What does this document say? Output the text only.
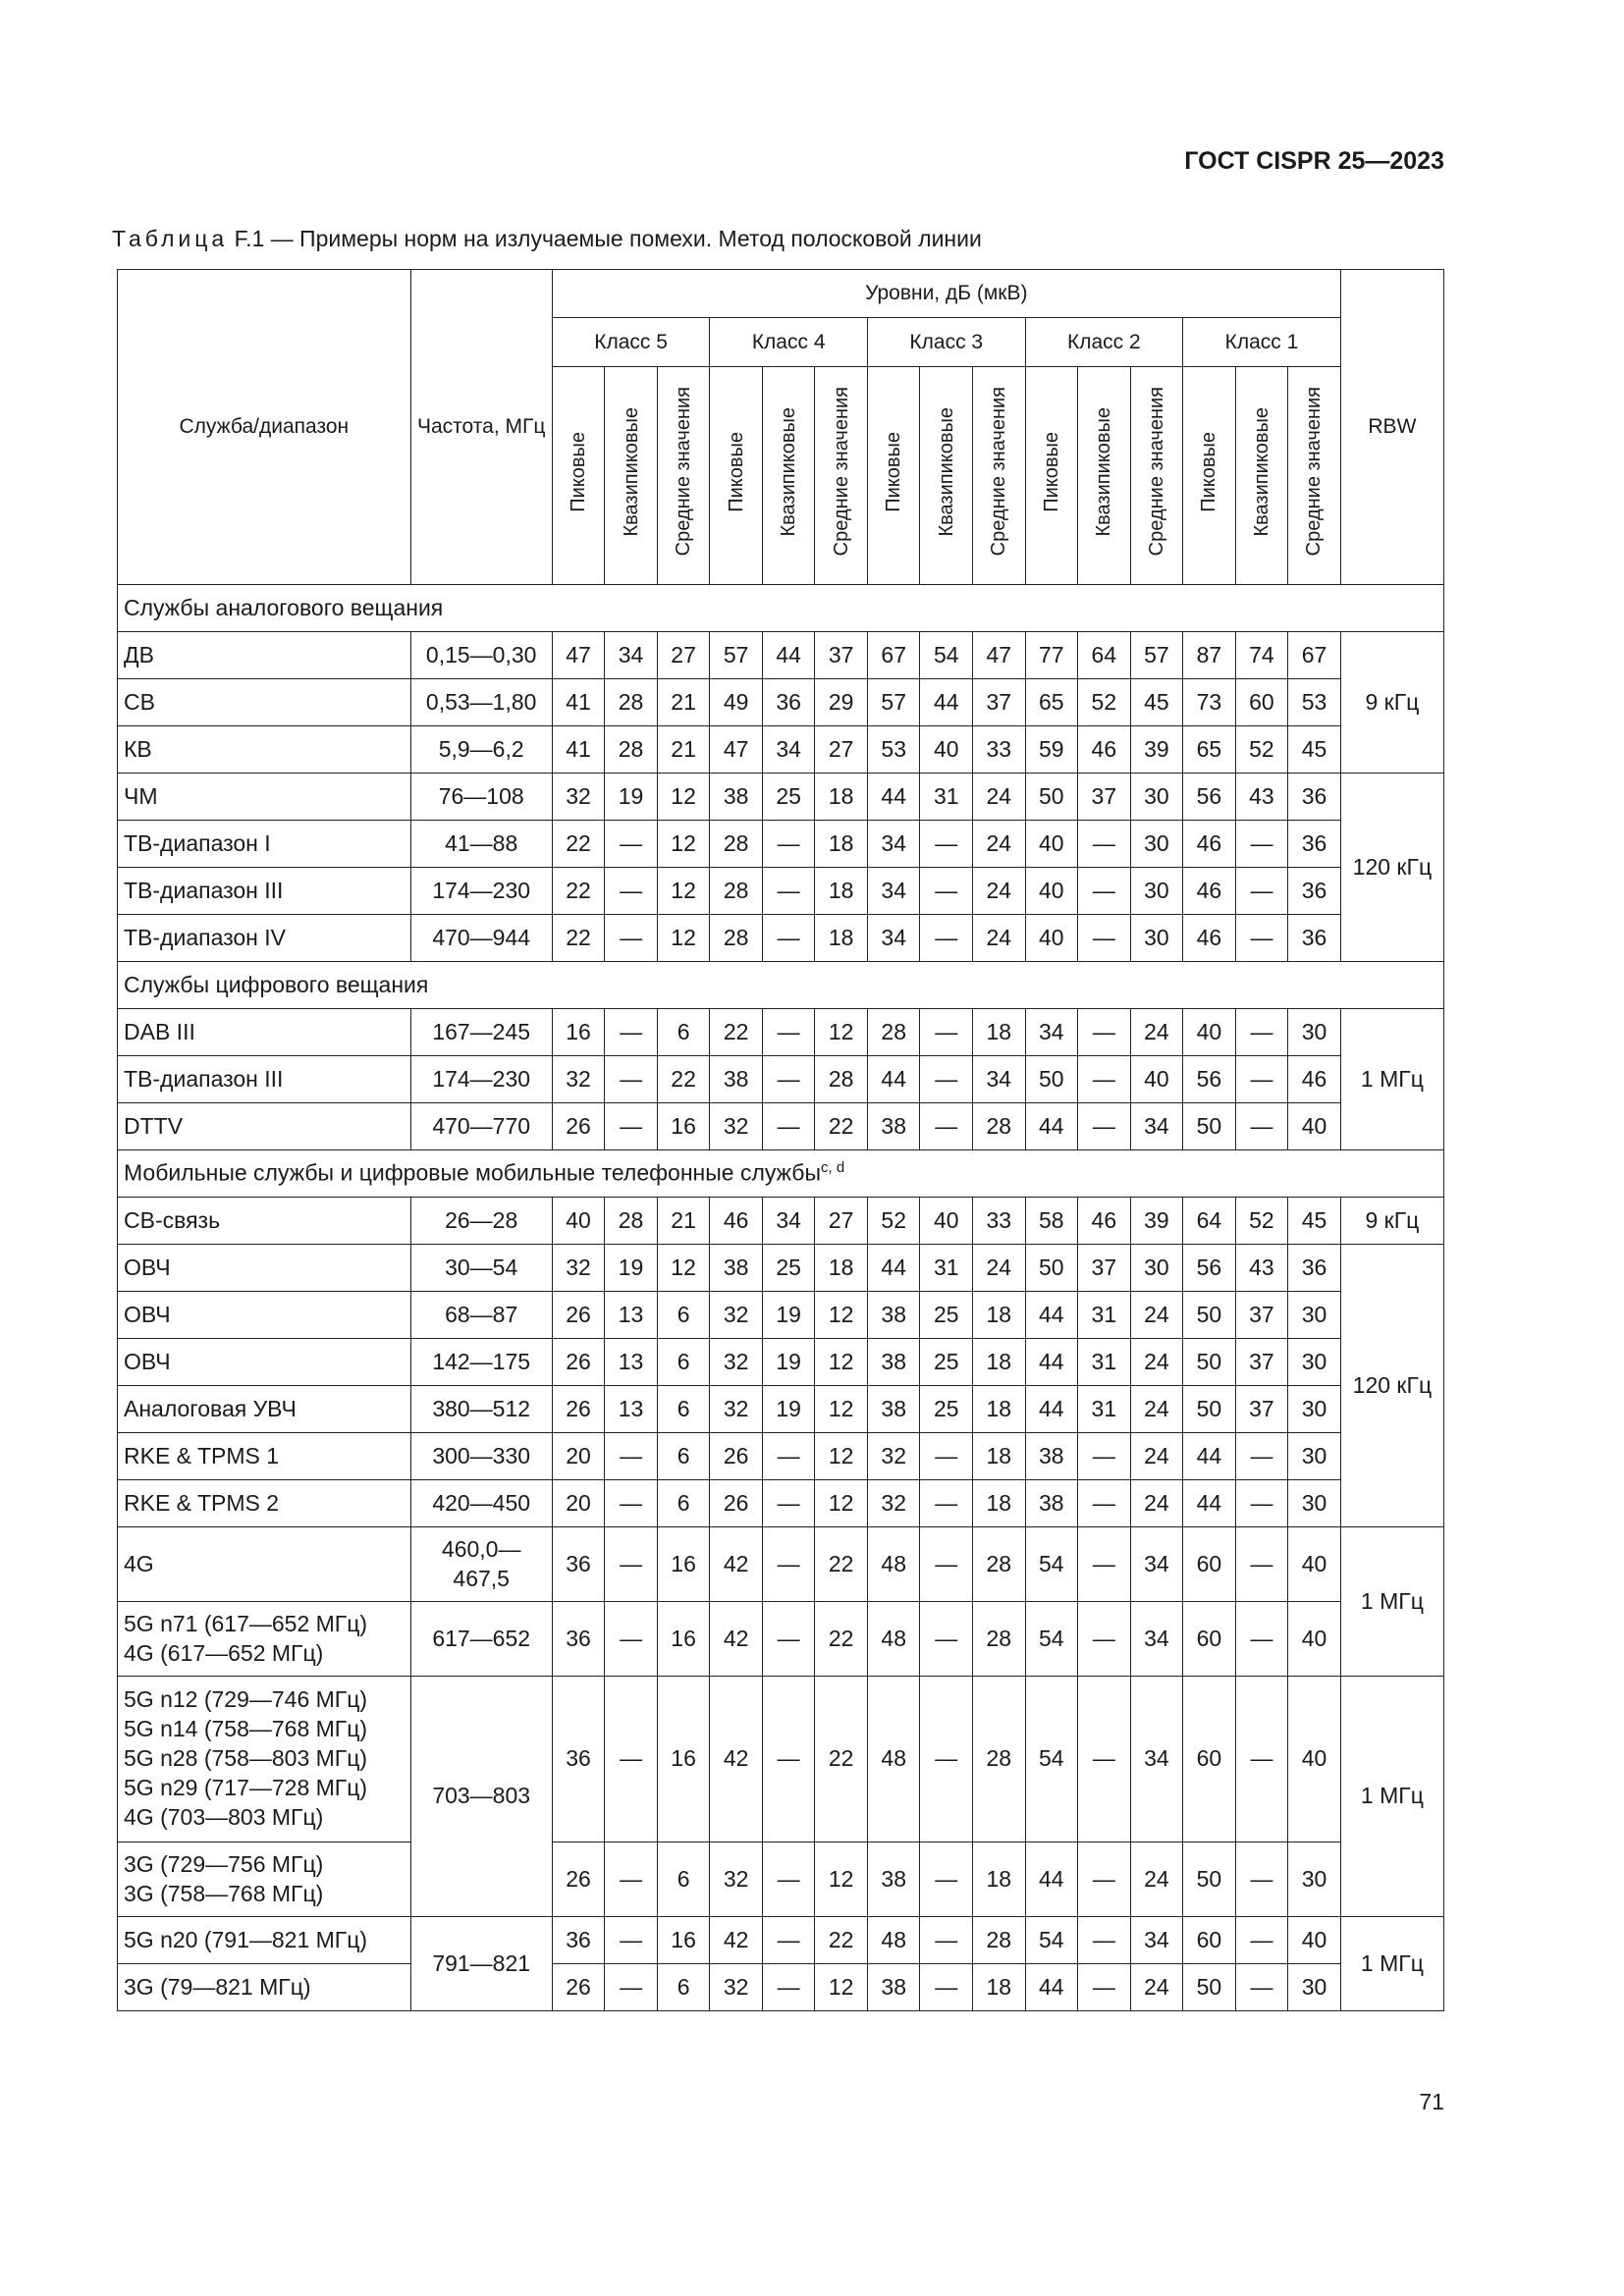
ГОСТ CISPR 25—2023
Таблица F.1 — Примеры норм на излучаемые помехи. Метод полосковой линии
Служба/диапазон	Частота, МГц	Уровни, дБ (мкВ)															RBW
		Класс 5			Класс 4			Класс 3			Класс 2			Класс 1			
		Пиковые	Квазипиковые	Средние значения	Пиковые	Квазипиковые	Средние значения	Пиковые	Квазипиковые	Средние значения	Пиковые	Квазипиковые	Средние значения	Пиковые	Квазипиковые	Средние значения	
Службы аналогового вещания																	
ДВ	0,15—0,30	47	34	27	57	44	37	67	54	47	77	64	57	87	74	67	9 кГц
СВ	0,53—1,80	41	28	21	49	36	29	57	44	37	65	52	45	73	60	53	
КВ	5,9—6,2	41	28	21	47	34	27	53	40	33	59	46	39	65	52	45	
ЧМ	76—108	32	19	12	38	25	18	44	31	24	50	37	30	56	43	36	120 кГц
ТВ-диапазон I	41—88	22	—	12	28	—	18	34	—	24	40	—	30	46	—	36	
ТВ-диапазон III	174—230	22	—	12	28	—	18	34	—	24	40	—	30	46	—	36	
ТВ-диапазон IV	470—944	22	—	12	28	—	18	34	—	24	40	—	30	46	—	36	
Службы цифрового вещания																	
DAB III	167—245	16	—	6	22	—	12	28	—	18	34	—	24	40	—	30	1 МГц
ТВ-диапазон III	174—230	32	—	22	38	—	28	44	—	34	50	—	40	56	—	46	
DTTV	470—770	26	—	16	32	—	22	38	—	28	44	—	34	50	—	40	
Мобильные службы и цифровые мобильные телефонные службы$^{c, d}$
CB-связь	26—28	40	28	21	46	34	27	52	40	33	58	46	39	64	52	45	9 кГц
ОВЧ	30—54	32	19	12	38	25	18	44	31	24	50	37	30	56	43	36	120 кГц
ОВЧ	68—87	26	13	6	32	19	12	38	25	18	44	31	24	50	37	30	
ОВЧ	142—175	26	13	6	32	19	12	38	25	18	44	31	24	50	37	30	
Аналоговая УВЧ	380—512	26	13	6	32	19	12	38	25	18	44	31	24	50	37	30	
RKE & TPMS 1	300—330	20	—	6	26	—	12	32	—	18	38	—	24	44	—	30	
RKE & TPMS 2	420—450	20	—	6	26	—	12	32	—	18	38	—	24	44	—	30	
4G	460,0—467,5	36	—	16	42	—	22	48	—	28	54	—	34	60	—	40	1 МГц
5G n71 (617—652 МГц)
4G (617—652 МГц)	617—652	36	—	16	42	—	22	48	—	28	54	—	34	60	—	40	
5G n12 (729—746 МГц)
5G n14 (758—768 МГц)
5G n28 (758—803 МГц)
5G n29 (717—728 МГц)
4G (703—803 МГц)	703—803	36	—	16	42	—	22	48	—	28	54	—	34	60	—	40	1 МГц
3G (729—756 МГц)
3G (758—768 МГц)		26	—	6	32	—	12	38	—	18	44	—	24	50	—	30	
5G n20 (791—821 МГц)	791—821	36	—	16	42	—	22	48	—	28	54	—	34	60	—	40	1 МГц
3G (79—821 МГц)		26	—	6	32	—	12	38	—	18	44	—	24	50	—	30	
71
